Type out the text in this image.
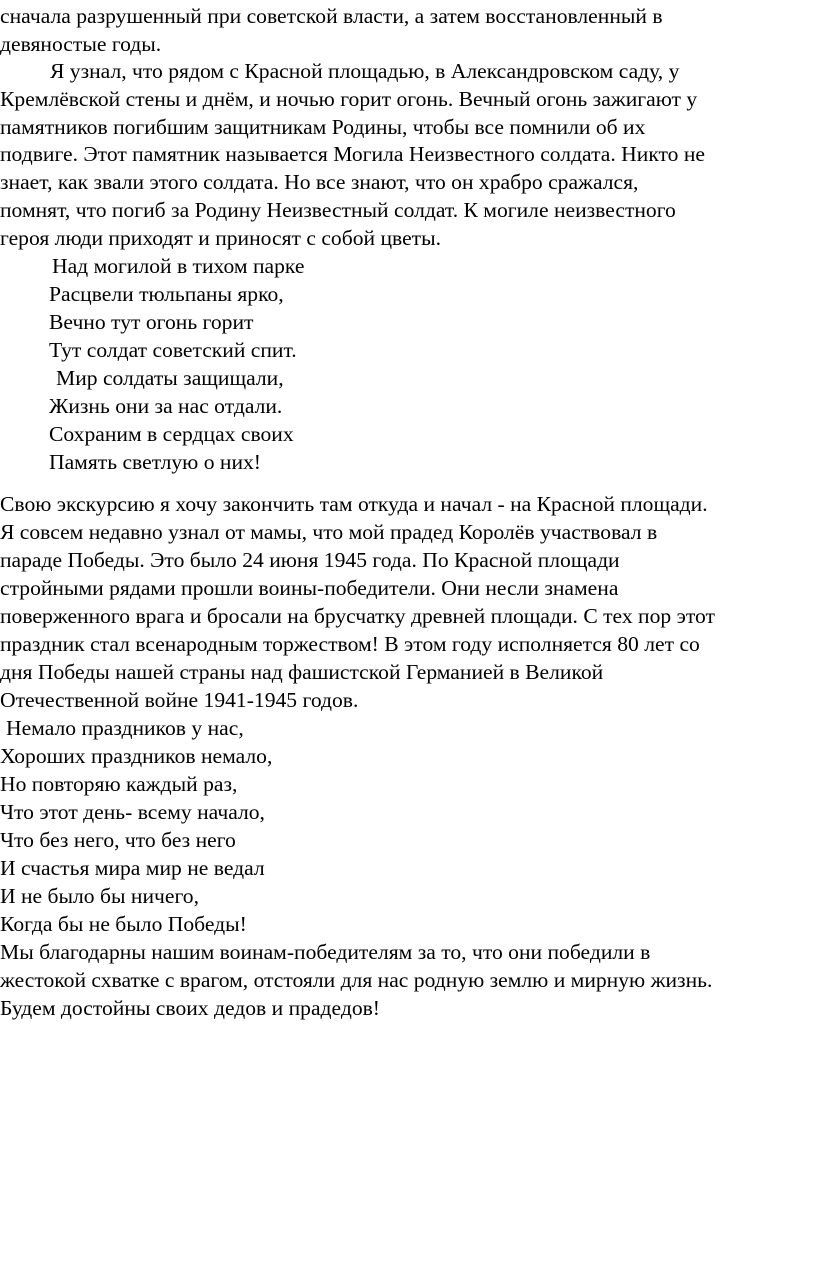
сначала разрушенный при советской власти, а затем восстановленный в
девяностые годы.
Я узнал, что рядом с Красной площадью, в Александровском саду, у
Кремлёвской стены и днём, и ночью горит огонь. Вечный огонь зажигают у
памятников погибшим защитникам Родины, чтобы все помнили об их
подвиге. Этот памятник называется Могила Неизвестного солдата. Никто не
знает, как звали этого солдата. Но все знают, что он храбро сражался,
помнят, что погиб за Родину Неизвестный солдат. К могиле неизвестного
героя люди приходят и приносят с собой цветы.
Над могилой в тихом парке
Расцвели тюльпаны ярко,
Вечно тут огонь горит
Тут солдат советский спит.
Мир солдаты защищали,
Жизнь они за нас отдали.
Сохраним в сердцах своих
Память светлую о них!
Свою экскурсию я хочу закончить там откуда и начал - на Красной площади.
Я совсем недавно узнал от мамы, что мой прадед Королёв участвовал в
параде Победы. Это было 24 июня 1945 года. По Красной площади
стройными рядами прошли воины-победители. Они несли знамена
поверженного врага и бросали на брусчатку древней площади. С тех пор этот
праздник стал всенародным торжеством! В этом году исполняется 80 лет со
дня Победы нашей страны над фашистской Германией в Великой
Отечественной войне 1941-1945 годов.
Немало праздников у нас,
Хороших праздников немало,
Но повторяю каждый раз,
Что этот день- всему начало,
Что без него, что без него
И счастья мира мир не ведал
И не было бы ничего,
Когда бы не было Победы!
Мы благодарны нашим воинам-победителям за то, что они победили в
жестокой схватке с врагом, отстояли для нас родную землю и мирную жизнь.
Будем достойны своих дедов и прадедов!
